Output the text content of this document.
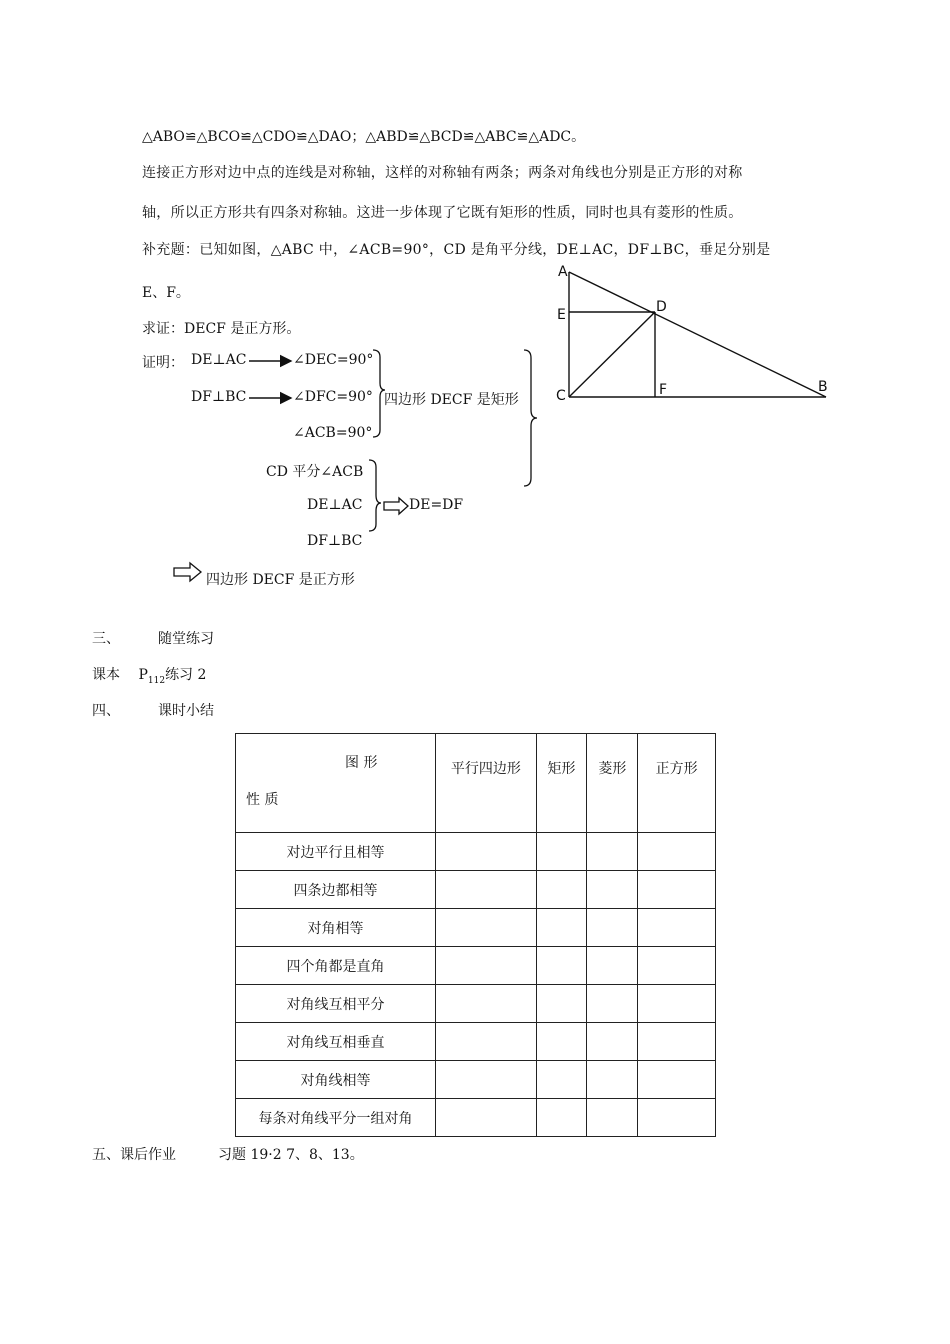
△ABO≌△BCO≌△CDO≌△DAO；△ABD≌△BCD≌△ABC≌△ADC。
连接正方形对边中点的连线是对称轴，这样的对称轴有两条；两条对角线也分别是正方形的对称
轴，所以正方形共有四条对称轴。这进一步体现了它既有矩形的性质，同时也具有菱形的性质。
补充题：已知如图，△ABC 中，∠ACB=90°，CD 是角平分线，DE⊥AC，DF⊥BC，垂足分别是
E、F。
求证：DECF 是正方形。
证明： DE⊥AC	∠DEC=90°
DF⊥BC	∠DFC=90°
∠ACB=90°
四边形 DECF 是矩形
CD 平分∠ACB
DE⊥AC
DF⊥BC
DE=DF
四边形 DECF 是正方形
A
E	D
C	F	B
三、	随堂练习
课本 $P_{112}$练习 2
四、	课时小结
图 形
性 质	平行四边形	矩形	菱形	正方形
对边平行且相等				
四条边都相等				
对角相等				
四个角都是直角				
对角线互相平分				
对角线互相垂直				
对角线相等				
每条对角线平分一组对角				
五、课后作业	习题 19·2 7、8、13。
